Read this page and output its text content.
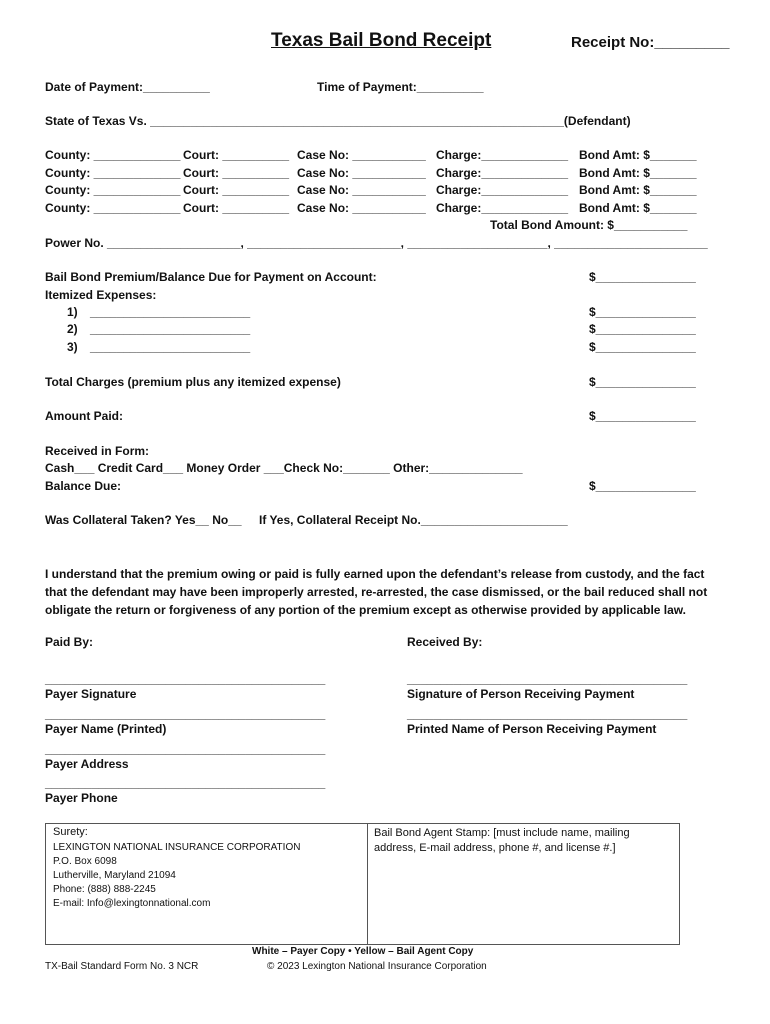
Texas Bail Bond Receipt	Receipt No:_________
Date of Payment:__________	Time of Payment:__________
State of Texas Vs. ______________________________________________________________(Defendant)
County: _____________ Court: __________ Case No: ___________ Charge:_____________ Bond Amt: $_______
County: _____________ Court: __________ Case No: ___________ Charge:_____________ Bond Amt: $_______
County: _____________ Court: __________ Case No: ___________ Charge:_____________ Bond Amt: $_______
County: _____________ Court: __________ Case No: ___________ Charge:_____________ Bond Amt: $_______
Total Bond Amount: $___________
Power No. ____________________, _______________________, _____________________, _______________________
Bail Bond Premium/Balance Due for Payment on Account:	$_______________
Itemized Expenses:
1) ________________________	$_______________
2) ________________________	$_______________
3) ________________________	$_______________
Total Charges (premium plus any itemized expense)	$_______________
Amount Paid:	$_______________
Received in Form:
Cash___ Credit Card___ Money Order ___Check No:_______ Other:______________
Balance Due:	$_______________
Was Collateral Taken? Yes__ No__ If Yes, Collateral Receipt No.______________________
I understand that the premium owing or paid is fully earned upon the defendant’s release from custody, and the fact that the defendant may have been improperly arrested, re-arrested, the case dismissed, or the bail reduced shall not obligate the return or forgiveness of any portion of the premium except as otherwise provided by applicable law.
Paid By:	Received By:
__________________________________________
Payer Signature
__________________________________________
Payer Name (Printed)
__________________________________________
Payer Address
__________________________________________
Payer Phone
__________________________________________
Signature of Person Receiving Payment
__________________________________________
Printed Name of Person Receiving Payment
Surety:
LEXINGTON NATIONAL INSURANCE CORPORATION
P.O. Box 6098
Lutherville, Maryland 21094
Phone: (888) 888-2245
E-mail: Info@lexingtonnational.com
Bail Bond Agent Stamp: [must include name, mailing address, E-mail address, phone #, and license #.]
White – Payer Copy • Yellow – Bail Agent Copy
TX-Bail Standard Form No. 3 NCR	© 2023 Lexington National Insurance Corporation
